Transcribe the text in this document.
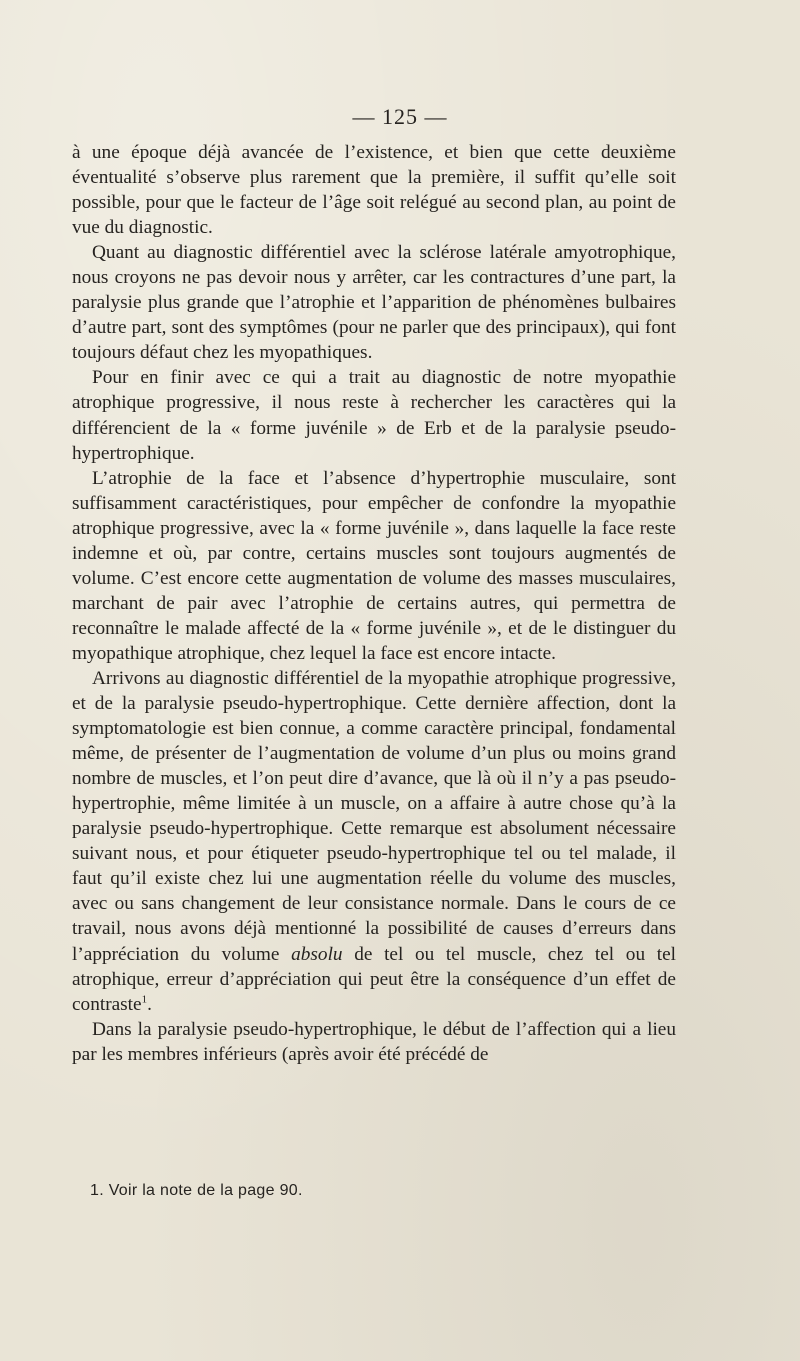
— 125 —

à une époque déjà avancée de l’existence, et bien que cette deuxième éventualité s’observe plus rarement que la première, il suffit qu’elle soit possible, pour que le facteur de l’âge soit relégué au second plan, au point de vue du diagnostic.

Quant au diagnostic différentiel avec la sclérose latérale amyotrophique, nous croyons ne pas devoir nous y arrêter, car les contractures d’une part, la paralysie plus grande que l’atrophie et l’apparition de phénomènes bulbaires d’autre part, sont des symptômes (pour ne parler que des principaux), qui font toujours défaut chez les myopathiques.

Pour en finir avec ce qui a trait au diagnostic de notre myopathie atrophique progressive, il nous reste à rechercher les caractères qui la différencient de la « forme juvénile » de Erb et de la paralysie pseudo-hypertrophique.

L’atrophie de la face et l’absence d’hypertrophie musculaire, sont suffisamment caractéristiques, pour empêcher de confondre la myopathie atrophique progressive, avec la « forme juvénile », dans laquelle la face reste indemne et où, par contre, certains muscles sont toujours augmentés de volume. C’est encore cette augmentation de volume des masses musculaires, marchant de pair avec l’atrophie de certains autres, qui permettra de reconnaître le malade affecté de la « forme juvénile », et de le distinguer du myopathique atrophique, chez lequel la face est encore intacte.

Arrivons au diagnostic différentiel de la myopathie atrophique progressive, et de la paralysie pseudo-hypertrophique. Cette dernière affection, dont la symptomatologie est bien connue, a comme caractère principal, fondamental même, de présenter de l’augmentation de volume d’un plus ou moins grand nombre de muscles, et l’on peut dire d’avance, que là où il n’y a pas pseudo-hypertrophie, même limitée à un muscle, on a affaire à autre chose qu’à la paralysie pseudo-hypertrophique. Cette remarque est absolument nécessaire suivant nous, et pour étiqueter pseudo-hypertrophique tel ou tel malade, il faut qu’il existe chez lui une augmentation réelle du volume des muscles, avec ou sans changement de leur consistance normale. Dans le cours de ce travail, nous avons déjà mentionné la possibilité de causes d’erreurs dans l’appréciation du volume absolu de tel ou tel muscle, chez tel ou tel atrophique, erreur d’appréciation qui peut être la conséquence d’un effet de contraste$^1$.

Dans la paralysie pseudo-hypertrophique, le début de l’affection qui a lieu par les membres inférieurs (après avoir été précédé de

1. Voir la note de la page 90.
